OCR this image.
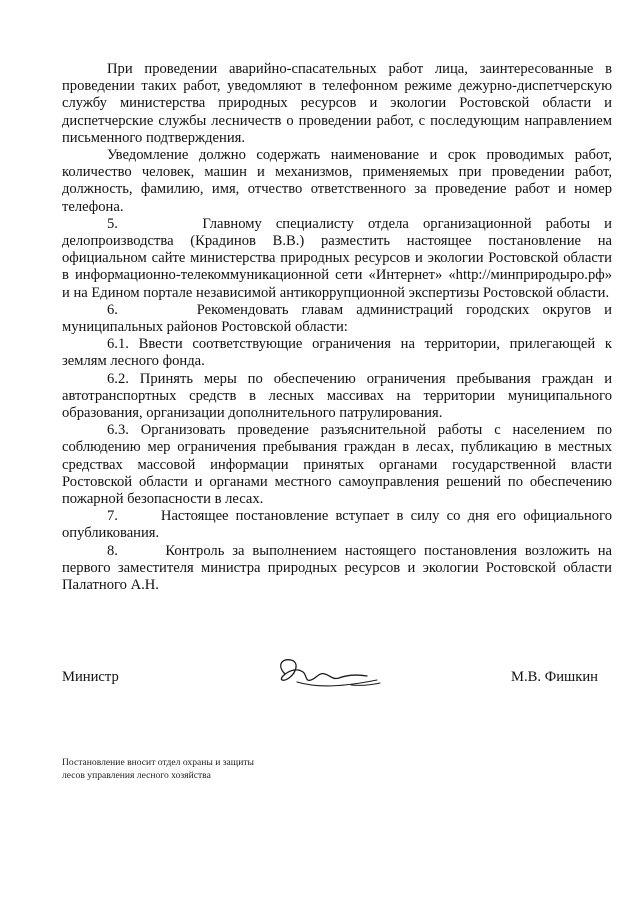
При проведении аварийно-спасательных работ лица, заинтересованные в проведении таких работ, уведомляют в телефонном режиме дежурно-диспетчерскую службу министерства природных ресурсов и экологии Ростовской области и диспетчерские службы лесничеств о проведении работ, с последующим направлением письменного подтверждения.

Уведомление должно содержать наименование и срок проводимых работ, количество человек, машин и механизмов, применяемых при проведении работ, должность, фамилию, имя, отчество ответственного за проведение работ и номер телефона.

5.      Главному специалисту отдела организационной работы и делопроизводства (Крадинов В.В.) разместить настоящее постановление на официальном сайте министерства природных ресурсов и экологии Ростовской области в информационно-телекоммуникационной сети «Интернет» «http://минприродыро.рф» и на Едином портале независимой антикоррупционной экспертизы Ростовской области.

6.      Рекомендовать главам администраций городских округов и муниципальных районов Ростовской области:

6.1. Ввести соответствующие ограничения на территории, прилегающей к землям лесного фонда.

6.2. Принять меры по обеспечению ограничения пребывания граждан и автотранспортных средств в лесных массивах на территории муниципального образования, организации дополнительного патрулирования.

6.3. Организовать проведение разъяснительной работы с населением по соблюдению мер ограничения пребывания граждан в лесах, публикацию в местных средствах массовой информации принятых органами государственной власти Ростовской области и органами местного самоуправления решений по обеспечению пожарной безопасности в лесах.

7.      Настоящее постановление вступает в силу со дня его официального опубликования.

8.      Контроль за выполнением настоящего постановления возложить на первого заместителя министра природных ресурсов и экологии Ростовской области Палатного А.Н.

Министр	М.В. Фишкин
Постановление вносит отдел охраны и защиты
лесов управления лесного хозяйства
